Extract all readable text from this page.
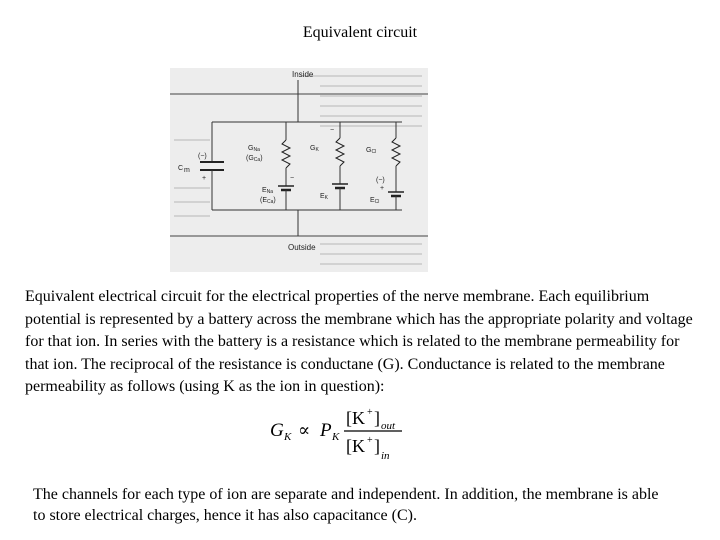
Equivalent circuit
Inside
Outside
(−)
+
C m
−
GNa
(GCa)
ENa
(ECa)
−
GK
EK
(−)
+
GCl
ECl

Equivalent electrical circuit for the electrical properties of the nerve membrane. Each equilibrium potential is represented by a battery across the membrane which has the appropriate polarity and voltage for that ion. In series with the battery is a resistance which is related to the membrane permeability for that ion. The reciprocal of the resistance is conductane (G). Conductance is related to the membrane permeability as follows (using K as the ion in question):

G K ∝ P K
[K + ] out
[K + ] in

The channels for each type of ion are separate and independent. In addition, the membrane is able to store electrical charges, hence it has also capacitance (C).
